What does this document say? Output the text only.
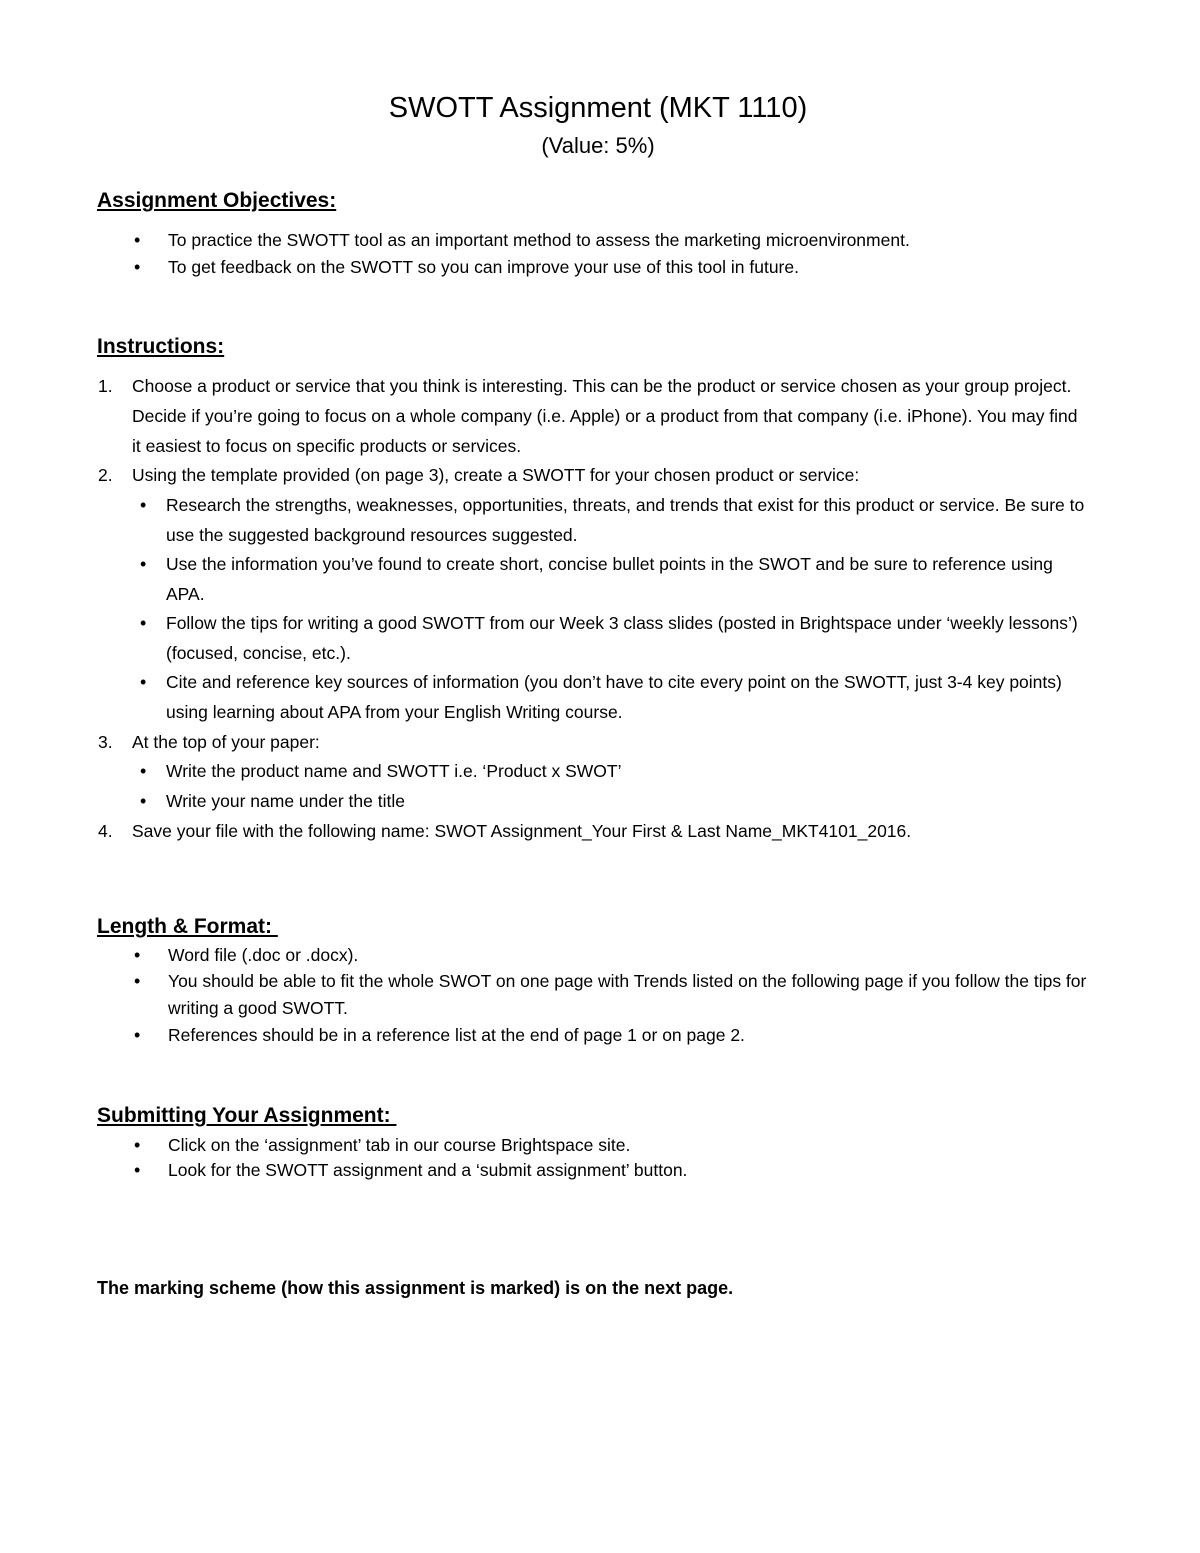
SWOTT Assignment (MKT 1110)
(Value: 5%)
Assignment Objectives:
• To practice the SWOTT tool as an important method to assess the marketing microenvironment.
• To get feedback on the SWOTT so you can improve your use of this tool in future.
Instructions:
1. Choose a product or service that you think is interesting. This can be the product or service chosen as your group project. Decide if you’re going to focus on a whole company (i.e. Apple) or a product from that company (i.e. iPhone). You may find it easiest to focus on specific products or services.
2. Using the template provided (on page 3), create a SWOTT for your chosen product or service:
• Research the strengths, weaknesses, opportunities, threats, and trends that exist for this product or service. Be sure to use the suggested background resources suggested.
• Use the information you’ve found to create short, concise bullet points in the SWOT and be sure to reference using APA.
• Follow the tips for writing a good SWOTT from our Week 3 class slides (posted in Brightspace under ‘weekly lessons’) (focused, concise, etc.).
• Cite and reference key sources of information (you don’t have to cite every point on the SWOTT, just 3-4 key points) using learning about APA from your English Writing course.
3. At the top of your paper:
• Write the product name and SWOTT i.e. ‘Product x SWOT’
• Write your name under the title
4. Save your file with the following name: SWOT Assignment_Your First & Last Name_MKT4101_2016.
Length & Format:
• Word file (.doc or .docx).
• You should be able to fit the whole SWOT on one page with Trends listed on the following page if you follow the tips for writing a good SWOTT.
• References should be in a reference list at the end of page 1 or on page 2.
Submitting Your Assignment:
• Click on the ‘assignment’ tab in our course Brightspace site.
• Look for the SWOTT assignment and a ‘submit assignment’ button.
The marking scheme (how this assignment is marked) is on the next page.
